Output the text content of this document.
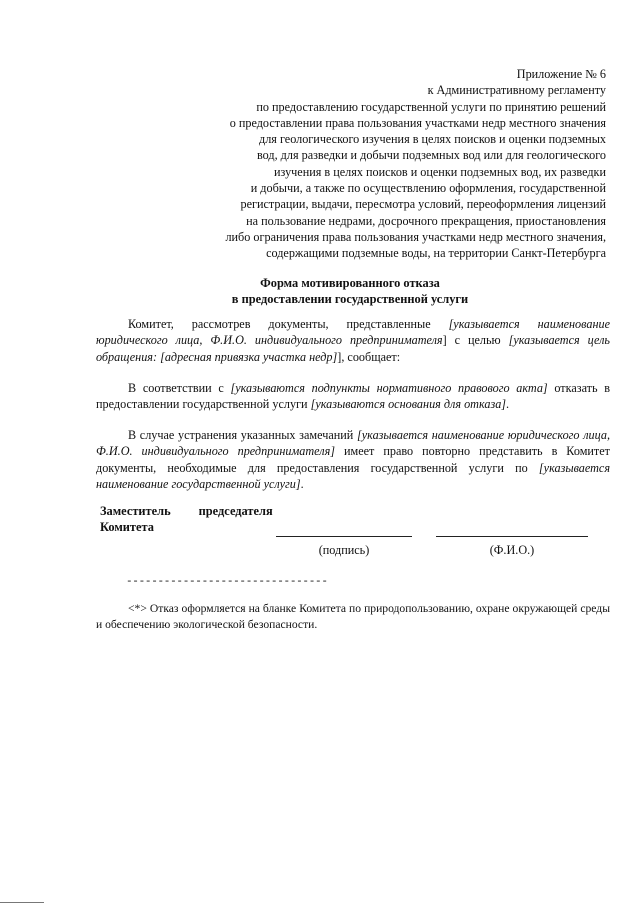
Приложение № 6
к Административному регламенту
по предоставлению государственной услуги по принятию решений
о предоставлении права пользования участками недр местного значения
для геологического изучения в целях поисков и оценки подземных
вод, для разведки и добычи подземных вод или для геологического
изучения в целях поисков и оценки подземных вод, их разведки
и добычи, а также по осуществлению оформления, государственной
регистрации, выдачи, пересмотра условий, переоформления лицензий
на пользование недрами, досрочного прекращения, приостановления
либо ограничения права пользования участками недр местного значения,
содержащими подземные воды, на территории Санкт-Петербурга
Форма мотивированного отказа
в предоставлении государственной услуги
Комитет, рассмотрев документы, представленные [указывается наименование юридического лица, Ф.И.О. индивидуального предпринимателя] с целью [указывается цель обращения: [адресная привязка участка недр]], сообщает:
В соответствии с [указываются подпункты нормативного правового акта] отказать в предоставлении государственной услуги [указываются основания для отказа].
В случае устранения указанных замечаний [указывается наименование юридического лица, Ф.И.О. индивидуального предпринимателя] имеет право повторно представить в Комитет документы, необходимые для предоставления государственной услуги по [указывается наименование государственной услуги].
Заместитель председателя
Комитета
(подпись)	(Ф.И.О.)
--------------------------------
<*> Отказ оформляется на бланке Комитета по природопользованию, охране окружающей среды и обеспечению экологической безопасности.
